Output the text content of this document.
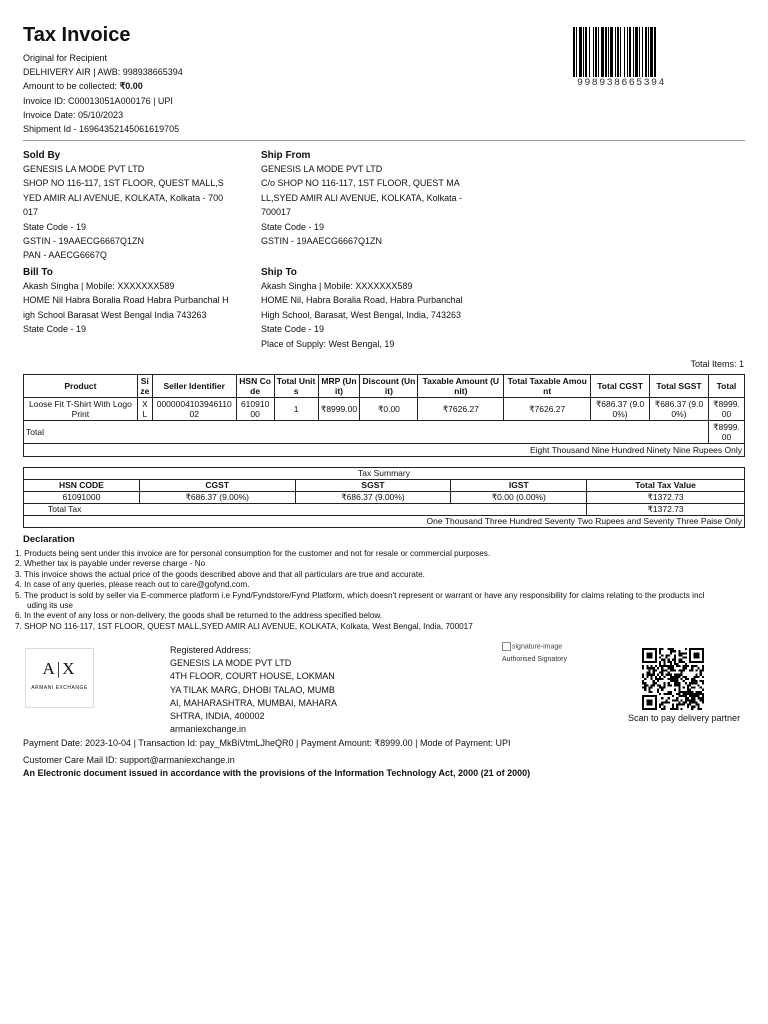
Tax Invoice
Original for Recipient
DELHIVERY AIR | AWB: 998938665394
Amount to be collected: ₹0.00
Invoice ID: C00013051A000176 | UPI
Invoice Date: 05/10/2023
Shipment Id - 16964352145061619705
998938665394
Sold By
GENESIS LA MODE PVT LTD
SHOP NO 116-117, 1ST FLOOR, QUEST MALL,S
YED AMIR ALI AVENUE, KOLKATA, Kolkata - 700
017
State Code - 19
GSTIN - 19AAECG6667Q1ZN
PAN - AAECG6667Q
Ship From
GENESIS LA MODE PVT LTD
C/o SHOP NO 116-117, 1ST FLOOR, QUEST MA
LL,SYED AMIR ALI AVENUE, KOLKATA, Kolkata -
700017
State Code - 19
GSTIN - 19AAECG6667Q1ZN
Bill To
Akash Singha | Mobile: XXXXXXX589
HOME Nil Habra Boralia Road Habra Purbanchal H
igh School Barasat West Bengal India 743263
State Code - 19
Ship To
Akash Singha | Mobile: XXXXXXX589
HOME Nil, Habra Boralia Road, Habra Purbanchal
High School, Barasat, West Bengal, India, 743263
State Code - 19
Place of Supply: West Bengal, 19
Total Items: 1
Product	Size	Seller Identifier	HSN Code	Total Units	MRP (Unit)	Discount (Unit)	Taxable Amount (Unit)	Total Taxable Amount	Total CGST	Total SGST	Total
Loose Fit T-Shirt With Logo Print	XL	000000410394611002	61091000	1	₹8999.00	₹0.00	₹7626.27	₹7626.27	₹686.37 (9.00%)	₹686.37 (9.00%)	₹8999.00
Total											₹8999.00
Eight Thousand Nine Hundred Ninety Nine Rupees Only											
Tax Summary				
HSN CODE	CGST	SGST	IGST	Total Tax Value
61091000	₹686.37 (9.00%)	₹686.37 (9.00%)	₹0.00 (0.00%)	₹1372.73
Total Tax				₹1372.73
One Thousand Three Hundred Seventy Two Rupees and Seventy Three Paise Only				
Declaration
1. Products being sent under this invoice are for personal consumption for the customer and not for resale or commercial purposes.
2. Whether tax is payable under reverse charge - No
3. This invoice shows the actual price of the goods described above and that all particulars are true and accurate.
4. In case of any queries, please reach out to care@gofynd.com.
5. The product is sold by seller via E-commerce platform i.e Fynd/Fyndstore/Fynd Platform, which doesn't represent or warrant or have any responsibility for claims relating to the products incl
uding its use
6. In the event of any loss or non-delivery, the goods shall be returned to the address specified below.
7. SHOP NO 116-117, 1ST FLOOR, QUEST MALL,SYED AMIR ALI AVENUE, KOLKATA, Kolkata, West Bengal, India, 700017
A|X
ARMANI EXCHANGE
Registered Address:
GENESIS LA MODE PVT LTD
4TH FLOOR, COURT HOUSE, LOKMAN
YA TILAK MARG, DHOBI TALAO, MUMB
AI, MAHARASHTRA, MUMBAI, MAHARA
SHTRA, INDIA, 400002
armaniexchange.in
signature-image
Authorised Signatory
Scan to pay delivery partner
Payment Date: 2023-10-04 | Transaction Id: pay_MkBiVtmLJheQR0 | Payment Amount: ₹8999.00 | Mode of Payment: UPI
Customer Care Mail ID: support@armaniexchange.in
An Electronic document issued in accordance with the provisions of the Information Technology Act, 2000 (21 of 2000)
